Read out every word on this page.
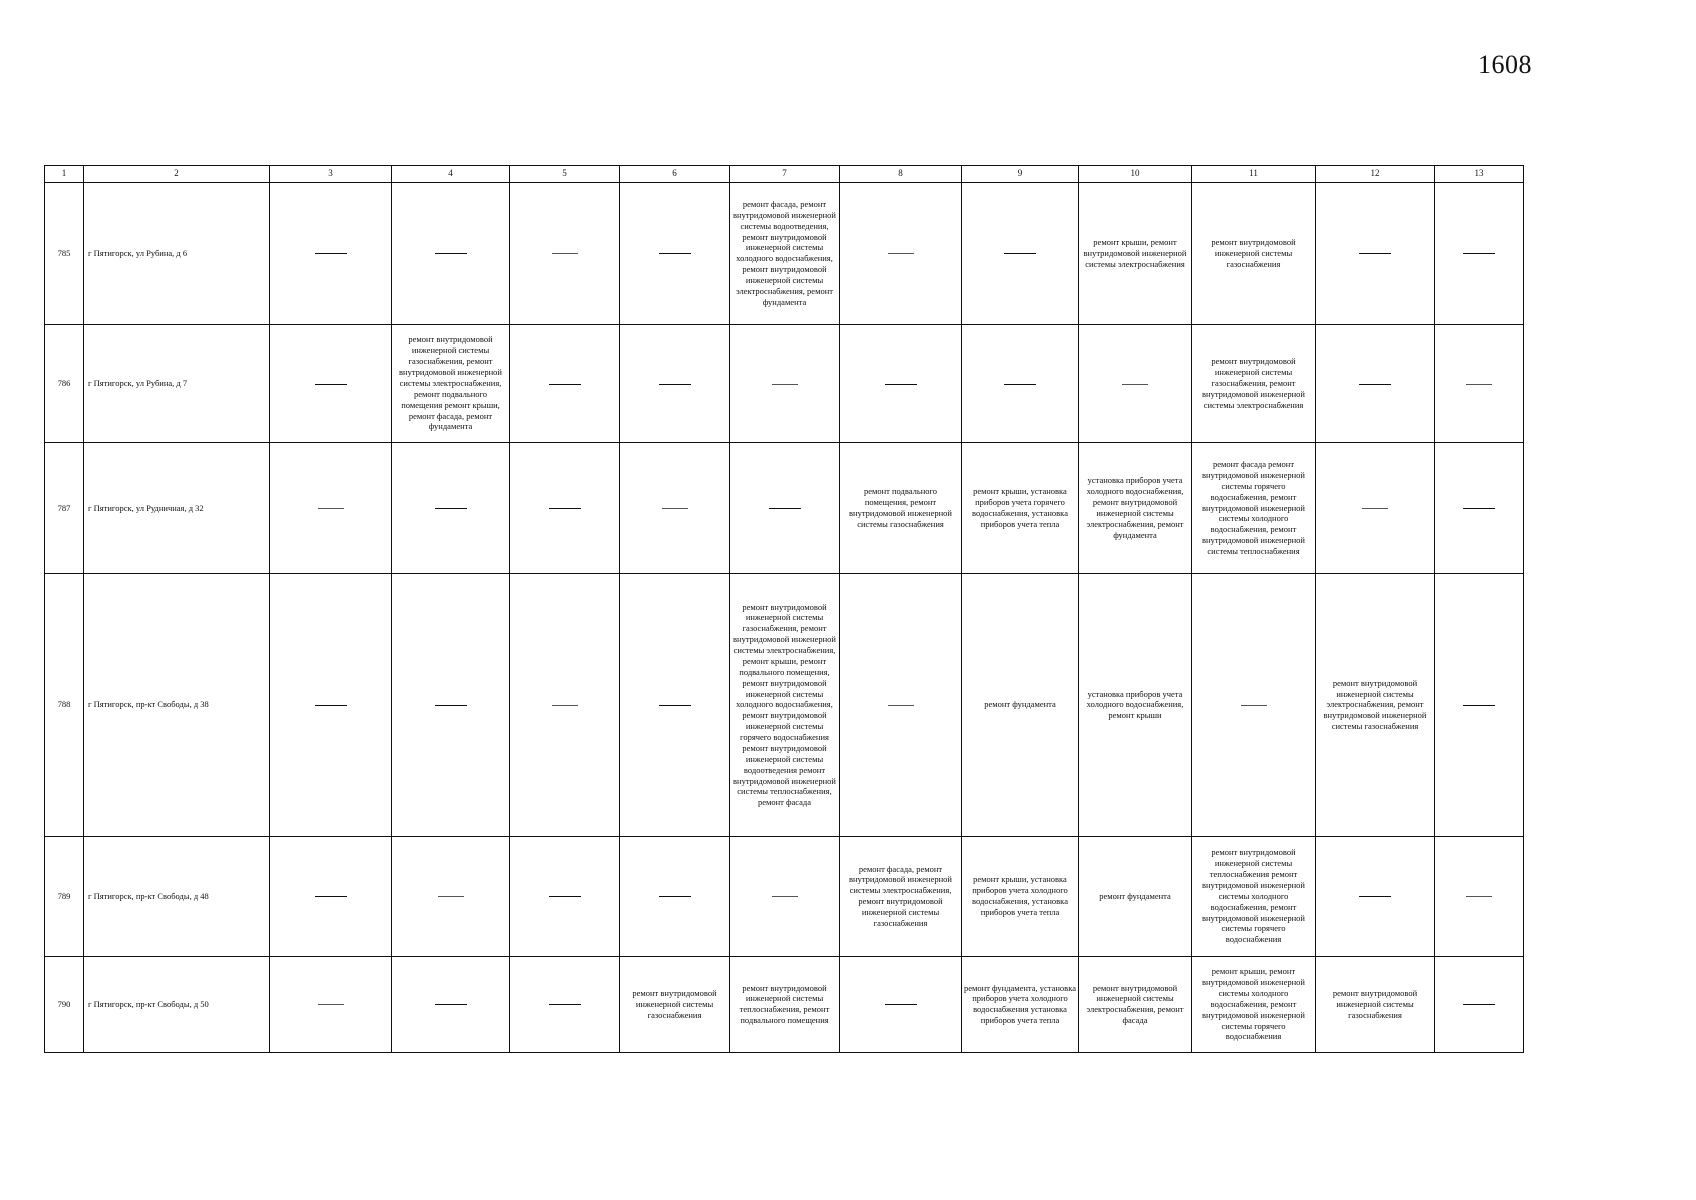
1608
1	2	3	4	5	6	7	8	9	10	11	12	13
785	г Пятигорск, ул Рубина, д 6					ремонт фасада, ремонт внутридомовой инженерной системы водоотведения, ремонт внутридомовой инженерной системы холодного водоснабжения, ремонт внутридомовой инженерной системы электроснабжения, ремонт фундамента			ремонт крыши, ремонт внутридомовой инженерной системы электроснабжения	ремонт внутридомовой инженерной системы газоснабжения		
786	г Пятигорск, ул Рубина, д 7		ремонт внутридомовой инженерной системы газоснабжения, ремонт внутридомовой инженерной системы электроснабжения, ремонт подвального помещения ремонт крыши, ремонт фасада, ремонт фундамента							ремонт внутридомовой инженерной системы газоснабжения, ремонт внутридомовой инженерной системы электроснабжения		
787	г Пятигорск, ул Рудничная, д 32						ремонт подвального помещения, ремонт внутридомовой инженерной системы газоснабжения	ремонт крыши, установка приборов учета горячего водоснабжения, установка приборов учета тепла	установка приборов учета холодного водоснабжения, ремонт внутридомовой инженерной системы электроснабжения, ремонт фундамента	ремонт фасада ремонт внутридомовой инженерной системы горячего водоснабжения, ремонт внутридомовой инженерной системы холодного водоснабжения, ремонт внутридомовой инженерной системы теплоснабжения		
788	г Пятигорск, пр-кт Свободы, д 38					ремонт внутридомовой инженерной системы газоснабжения, ремонт внутридомовой инженерной системы электроснабжения, ремонт крыши, ремонт подвального помещения, ремонт внутридомовой инженерной системы холодного водоснабжения, ремонт внутридомовой инженерной системы горячего водоснабжения ремонт внутридомовой инженерной системы водоотведения ремонт внутридомовой инженерной системы теплоснабжения, ремонт фасада		ремонт фундамента	установка приборов учета холодного водоснабжения, ремонт крыши		ремонт внутридомовой инженерной системы электроснабжения, ремонт внутридомовой инженерной системы газоснабжения	
789	г Пятигорск, пр-кт Свободы, д 48						ремонт фасада, ремонт внутридомовой инженерной системы электроснабжения, ремонт внутридомовой инженерной системы газоснабжения	ремонт крыши, установка приборов учета холодного водоснабжения, установка приборов учета тепла	ремонт фундамента	ремонт внутридомовой инженерной системы теплоснабжения ремонт внутридомовой инженерной системы холодного водоснабжения, ремонт внутридомовой инженерной системы горячего водоснабжения		
790	г Пятигорск, пр-кт Свободы, д 50				ремонт внутридомовой инженерной системы газоснабжения	ремонт внутридомовой инженерной системы теплоснабжения, ремонт подвального помещения		ремонт фундамента, установка приборов учета холодного водоснабжения установка приборов учета тепла	ремонт внутридомовой инженерной системы электроснабжения, ремонт фасада	ремонт крыши, ремонт внутридомовой инженерной системы холодного водоснабжения, ремонт внутридомовой инженерной системы горячего водоснабжения	ремонт внутридомовой инженерной системы газоснабжения	
